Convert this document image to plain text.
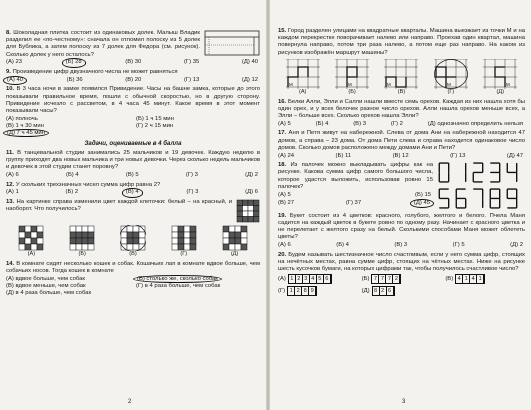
8. Шоколадная плитка состоит из одинаковых долек. Малыш Владик разделил ее «по-честному»: сначала он отломил полоску из 5 долек для Бублика, а затем полоску из 7 долек для Федора (см. рисунок). Сколько долек у него осталось?
(А) 23	(Б) 28	(В) 30	(Г) 35	(Д) 40
9. Произведение цифр двузначного числа не может равняться
(А) 40	(Б) 36	(В) 20	(Г) 13	(Д) 12
10. В 3 часа ночи в замке появился Привидение. Часы на башне замка, которые до этого показывали правильное время, пошли с обычной скоростью, но в другую сторону. Привидение исчезло с рассветом, в 4 часа 45 минут. Какое время в этот момент показывали часы?
(А) полночь	(Б) 1 ч 15 мин
(В) 1 ч 30 мин	(Г) 2 ч 15 мин
(Д) 7 ч 45 мин
Задачи, оцениваемые в 4 балла
11. В танцевальной студии занимались 25 мальчиков и 19 девочек. Каждую неделю в группу приходят два новых мальчика и три новых девочки. Через сколько недель мальчиков и девочек в этой студии станет поровну?
(А) 6	(Б) 4	(В) 5	(Г) 3	(Д) 2
12. У скольких трехзначных чисел сумма цифр равна 2?
(А) 1	(Б) 2	(В) 4	(Г) 3	(Д) 6
13. На картинке справа изменили цвет каждой клеточки: белый – на красный, и наоборот. Что получилось?
(А)	(Б)	(В)	(Г)	(Д)
14. В комнате сидят несколько кошек и собак. Кошачьих лап в комнате вдвое больше, чем собачьих носов. Тогда кошек в комнате
(А) вдвое больше, чем собак	(Б) столько же, сколько собак
(В) вдвое меньше, чем собак	(Г) в 4 раза больше, чем собак
(Д) в 4 раза больше, чем собак
2
15. Город разделен улицами на квадратные кварталы. Машина выезжает из точки М и на каждом перекрестке поворачивает налево или направо. Проехав один квартал, машина повернула направо, потом три раза налево, а потом еще раз направо. На каком из рисунков изображён маршрут машины?
M
(А)
M
(Б)
M
(В)
M
(Г)
M
(Д)
16. Белки Алли, Элли и Салли нашли вместе семь орехов. Каждая из них нашла хотя бы один орех, и у всех белочек разное число орехов. Алли нашла орехов меньше всех, а Элли – больше всех. Сколько орехов нашла Элли?
(А) 5	(Б) 4	(В) 3	(Г) 2	(Д) однозначно определить нельзя
17. Аня и Петя живут на набережной. Слева от дома Ани на набережной находится 47 домов, а справа – 23 дома. От дома Пети слева и справа находится одинаковое число домов. Сколько домов расположено между домами Ани и Пети?
(А) 24	(Б) 11	(В) 12	(Г) 13	(Д) 47
18. Из палочек можно выкладывать цифры как на рисунке. Какова сумма цифр самого большого числа, которое удастся выложить, использовав ровно 15 палочек?
(А) 5	(Б) 15
(В) 27	(Г) 37	(Д) 45
19. Букет состоит из 4 цветков: красного, голубого, желтого и белого. Пчела Маня садится на каждый цветок в букете ровно по одному разу. Начинает с красного цветка и не перелетает с желтого сразу на белый. Сколькими способами Маня может облететь цветы?
(А) 6	(Б) 4	(В) 3	(Г) 5	(Д) 2
20. Будем называть шестизначное число счастливым, если у него сумма цифр, стоящих на нечётных местах, равна сумме цифр, стоящих на чётных местах. Ниже на рисунке шесть кусочков бумаги, на которых цифрами так, чтобы получилось счастливое число?
(А) 1 2 3 4 5 6	(Б) 7 7 7 2	(В) 4 1 4 1
(Г) 1 2 8 9	(Д) 8 2 6
3
